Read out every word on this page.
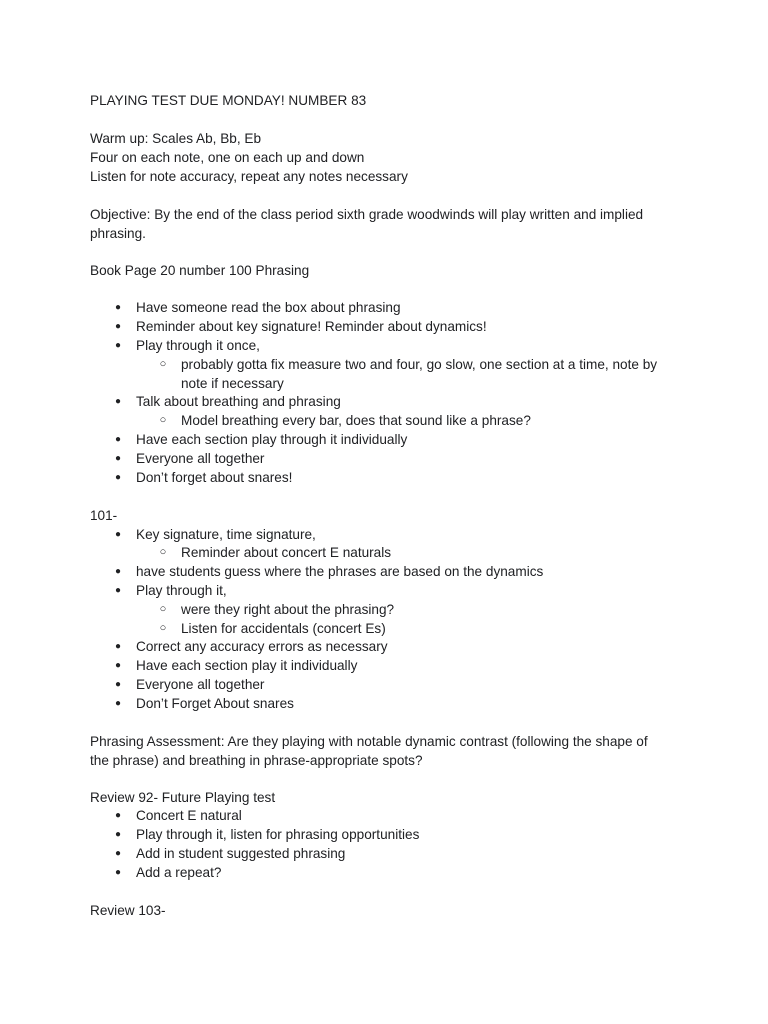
PLAYING TEST DUE MONDAY! NUMBER 83
Warm up: Scales Ab, Bb, Eb
Four on each note, one on each up and down
Listen for note accuracy, repeat any notes necessary
Objective: By the end of the class period sixth grade woodwinds will play written and implied
phrasing.
Book Page 20 number 100 Phrasing
● Have someone read the box about phrasing
● Reminder about key signature! Reminder about dynamics!
● Play through it once,
○ probably gotta fix measure two and four, go slow, one section at a time, note by
note if necessary
● Talk about breathing and phrasing
○ Model breathing every bar, does that sound like a phrase?
● Have each section play through it individually
● Everyone all together
● Don’t forget about snares!
101-
● Key signature, time signature,
○ Reminder about concert E naturals
● have students guess where the phrases are based on the dynamics
● Play through it,
○ were they right about the phrasing?
○ Listen for accidentals (concert Es)
● Correct any accuracy errors as necessary
● Have each section play it individually
● Everyone all together
● Don’t Forget About snares
Phrasing Assessment: Are they playing with notable dynamic contrast (following the shape of
the phrase) and breathing in phrase-appropriate spots?
Review 92- Future Playing test
● Concert E natural
● Play through it, listen for phrasing opportunities
● Add in student suggested phrasing
● Add a repeat?
Review 103-
